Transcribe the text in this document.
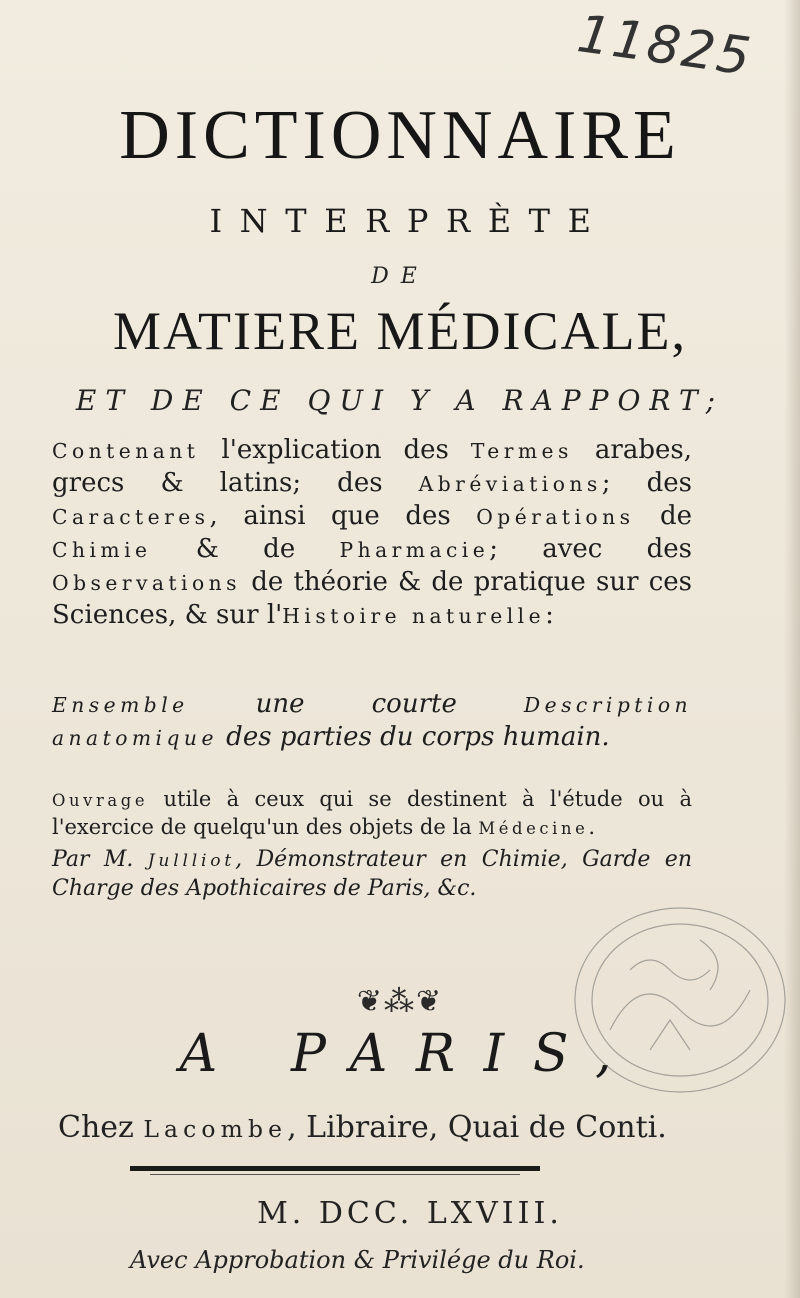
11825
DICTIONNAIRE
INTERPRÈTE
DE
MATIERE MÉDICALE,
ET DE CE QUI Y A RAPPORT;
Contenant l'explication des Termes arabes, grecs & latins; des Abréviations; des Caracteres, ainsi que des Opérations de Chimie & de Pharmacie; avec des Observations de théorie & de pratique sur ces Sciences, & sur l'Histoire naturelle:
Ensemble une courte Description anatomique des parties du corps humain.
Ouvrage utile à ceux qui se destinent à l'étude ou à l'exercice de quelqu'un des objets de la Médecine.
Par M. Jullliot, Démonstrateur en Chimie, Garde en Charge des Apothicaires de Paris, &c.
❦⁂❦
A PARIS,
Chez Lacombe, Libraire, Quai de Conti.
M. DCC. LXVIII.
Avec Approbation & Privilége du Roi.
